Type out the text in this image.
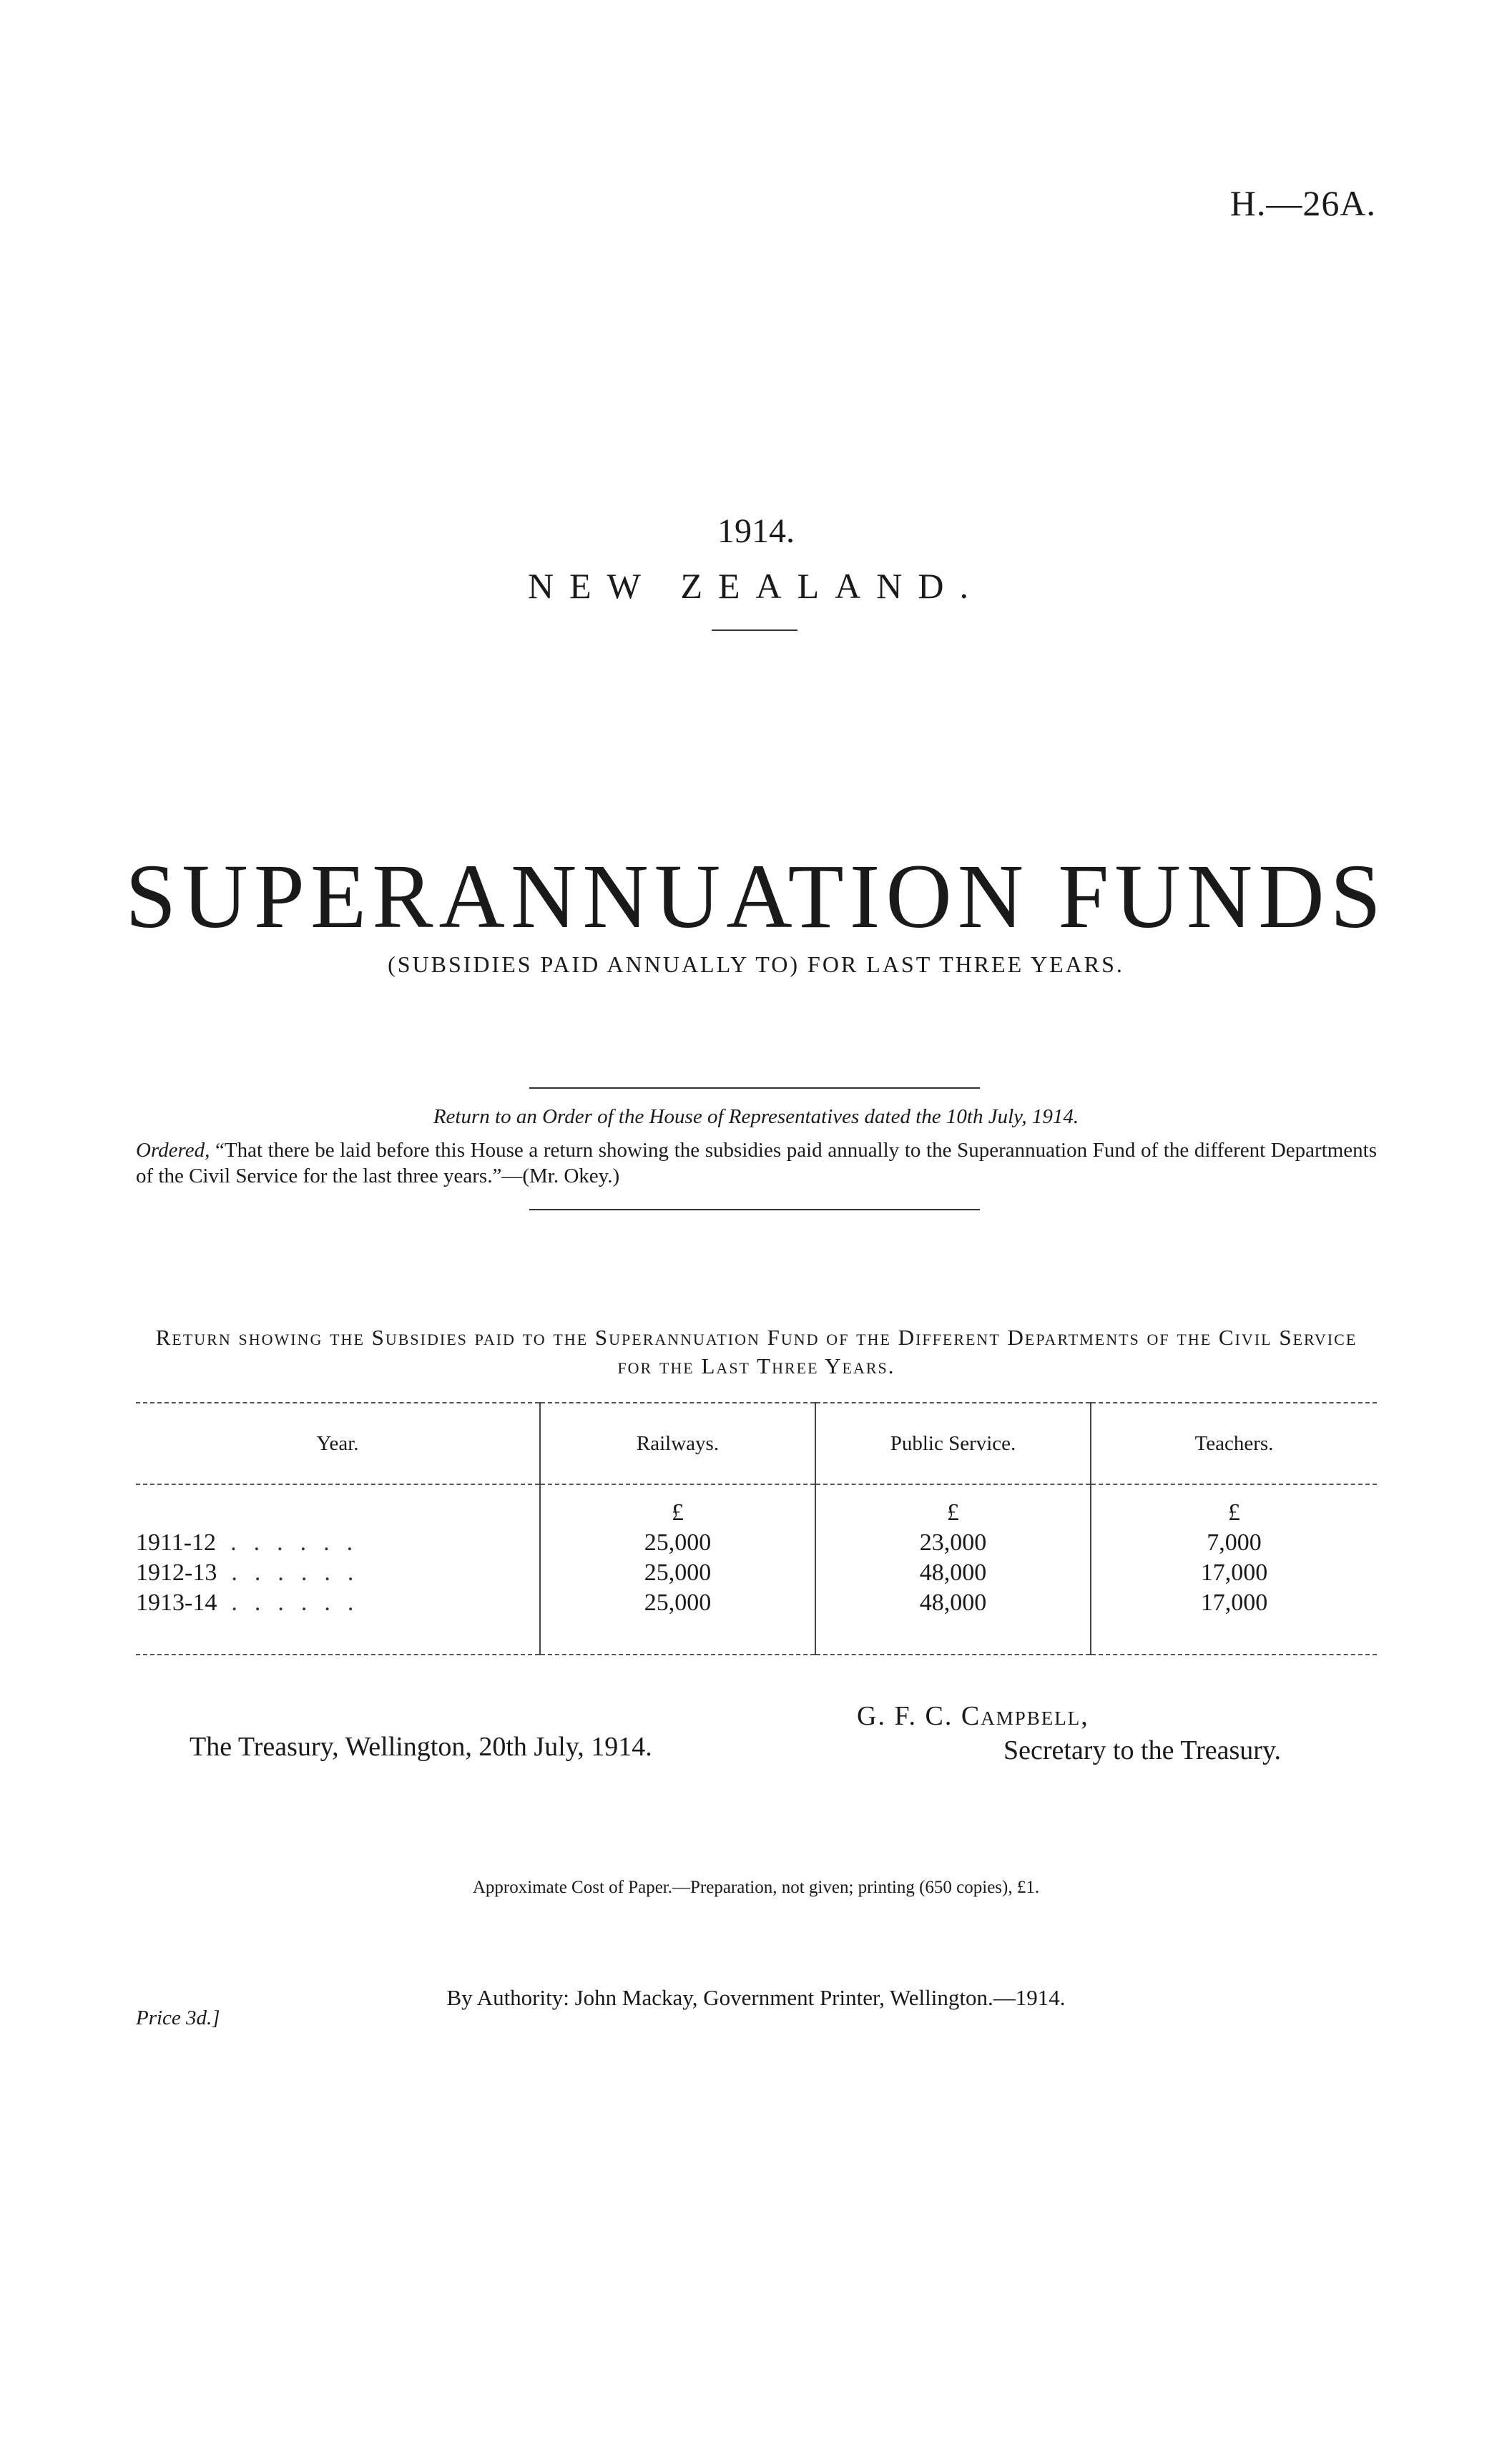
H.—26A.
1914.
NEW ZEALAND.
SUPERANNUATION FUNDS
(SUBSIDIES PAID ANNUALLY TO) FOR LAST THREE YEARS.
Return to an Order of the House of Representatives dated the 10th July, 1914.
Ordered, “That there be laid before this House a return showing the subsidies paid annually to the Superannuation Fund of the different Departments of the Civil Service for the last three years.”—(Mr. Okey.)
Return showing the Subsidies paid to the Superannuation Fund of the Different Departments of the Civil Service for the Last Three Years.
Year.	Railways.	Public Service.	Teachers.
	£	£	£
1911-12 ......	25,000	23,000	7,000
1912-13 ......	25,000	48,000	17,000
1913-14 ......	25,000	48,000	17,000

The Treasury, Wellington, 20th July, 1914.
G. F. C. Campbell,
Secretary to the Treasury.
Approximate Cost of Paper.—Preparation, not given; printing (650 copies), £1.
By Authority: John Mackay, Government Printer, Wellington.—1914.
Price 3d.]
